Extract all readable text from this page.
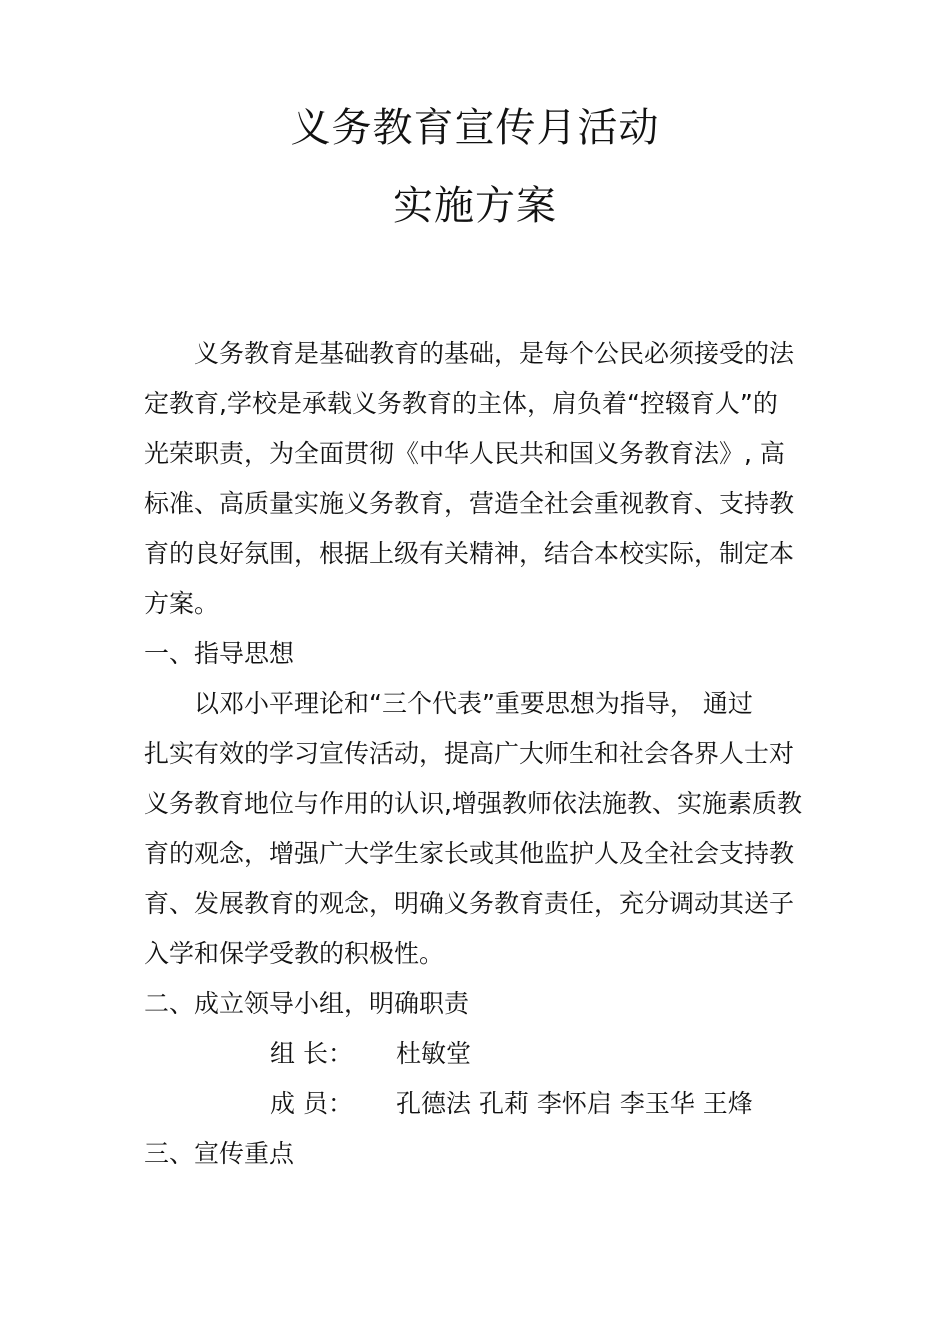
义务教育宣传月活动
实施方案
义务教育是基础教育的基础，是每个公民必须接受的法
定教育,学校是承载义务教育的主体，肩负着“控辍育人”的
光荣职责，为全面贯彻《中华人民共和国义务教育法》, 高
标准、高质量实施义务教育，营造全社会重视教育、支持教
育的良好氛围，根据上级有关精神，结合本校实际，制定本
方案。
一、指导思想
以邓小平理论和“三个代表”重要思想为指导， 通过
扎实有效的学习宣传活动，提高广大师生和社会各界人士对
义务教育地位与作用的认识,增强教师依法施教、实施素质教
育的观念，增强广大学生家长或其他监护人及全社会支持教
育、发展教育的观念，明确义务教育责任，充分调动其送子
入学和保学受教的积极性。
二、成立领导小组，明确职责
组 长： 杜敏堂
成 员： 孔德法 孔莉 李怀启 李玉华 王烽
三、宣传重点
